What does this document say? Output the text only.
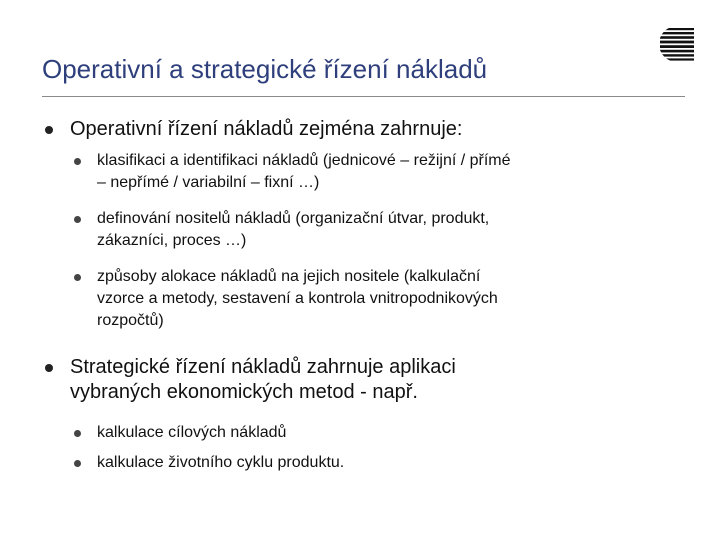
Operativní a strategické řízení nákladů
Operativní řízení nákladů zejména zahrnuje:
klasifikaci a identifikaci nákladů (jednicové – režijní / přímé
– nepřímé / variabilní – fixní …)
definování nositelů nákladů (organizační útvar, produkt,
zákazníci, proces …)
způsoby alokace nákladů na jejich nositele (kalkulační
vzorce a metody, sestavení a kontrola vnitropodnikových
rozpočtů)
Strategické řízení nákladů zahrnuje aplikaci
vybraných ekonomických metod - např.
kalkulace cílových nákladů
kalkulace životního cyklu produktu.
